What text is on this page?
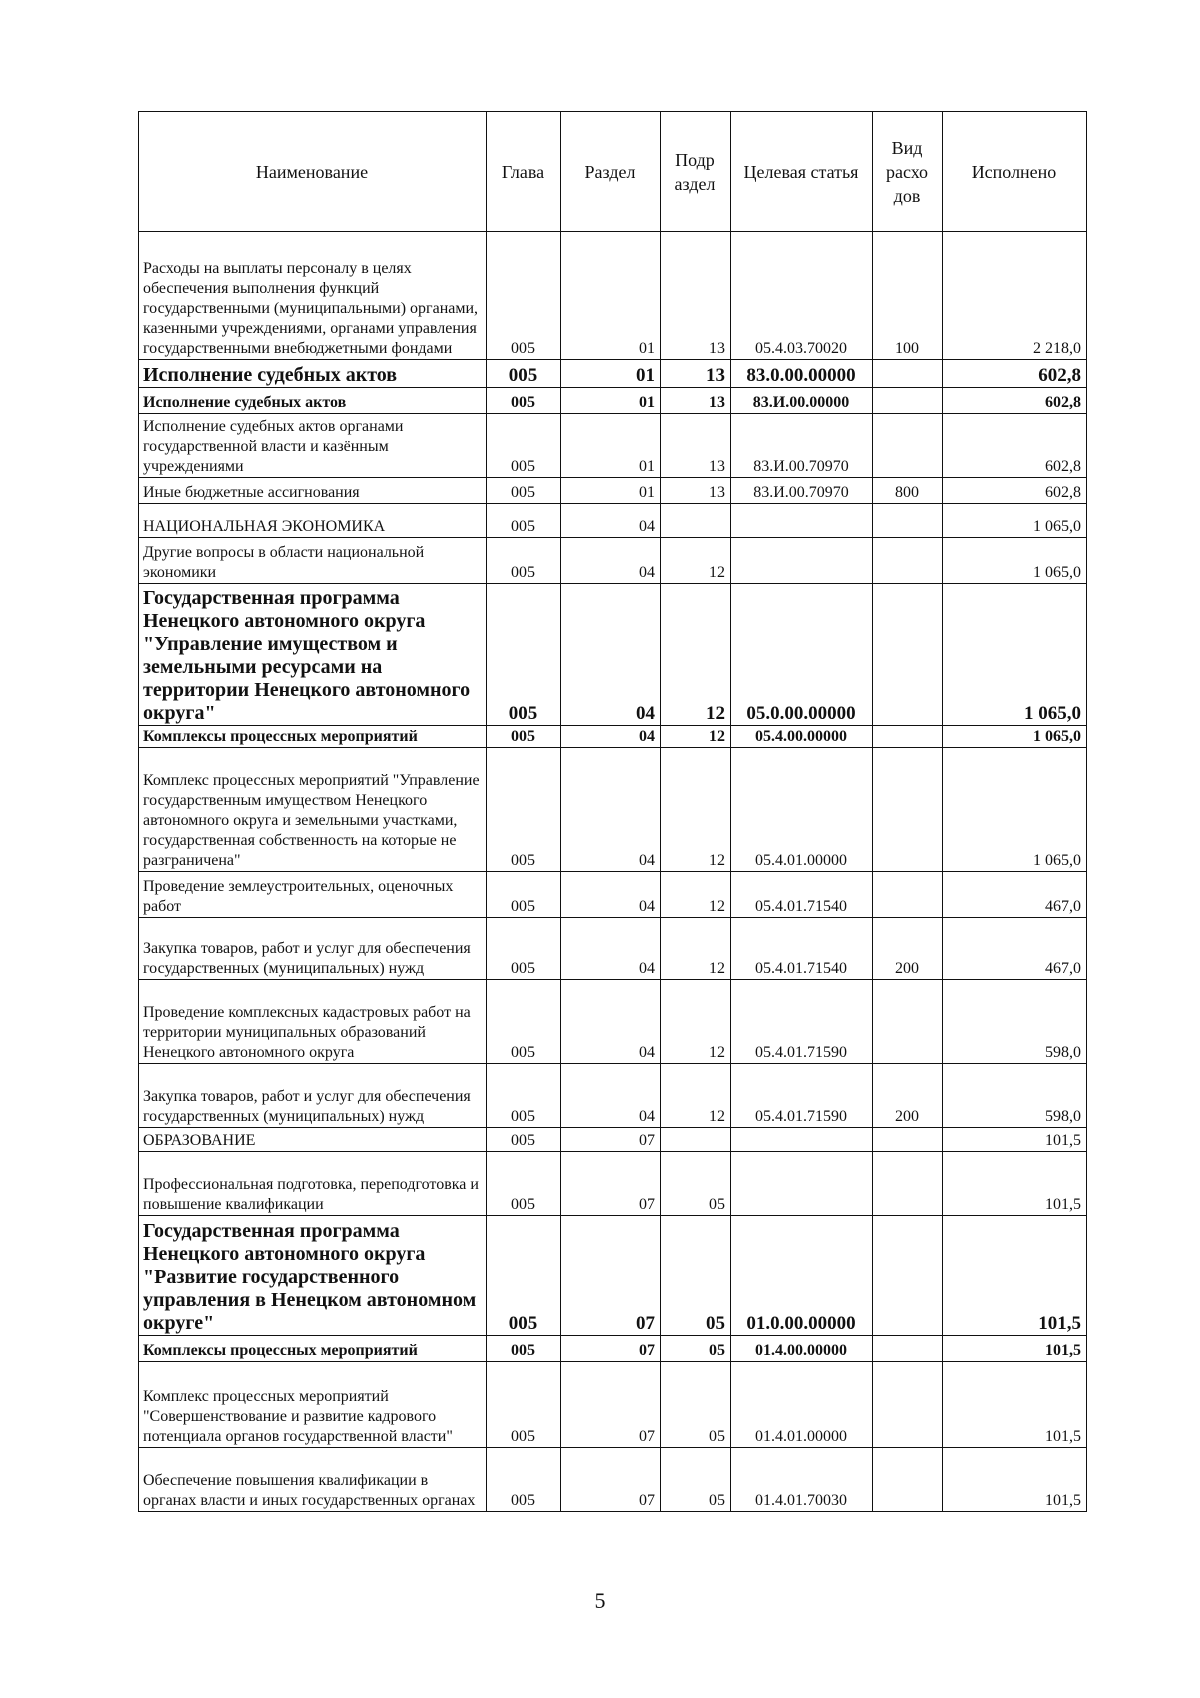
Наименование	Глава	Раздел	Подр аздел	Целевая статья	Вид расхо дов	Исполнено
Расходы на выплаты персоналу в целях обеспечения выполнения функций государственными (муниципальными) органами, казенными учреждениями, органами управления государственными внебюджетными фондами	005	01	13	05.4.03.70020	100	2 218,0
Исполнение судебных актов	005	01	13	83.0.00.00000		602,8
Исполнение судебных актов	005	01	13	83.И.00.00000		602,8
Исполнение судебных актов органами государственной власти и казённым учреждениями	005	01	13	83.И.00.70970		602,8
Иные бюджетные ассигнования	005	01	13	83.И.00.70970	800	602,8
НАЦИОНАЛЬНАЯ ЭКОНОМИКА	005	04				1 065,0
Другие вопросы в области национальной экономики	005	04	12			1 065,0
Государственная программа Ненецкого автономного округа "Управление имуществом и земельными ресурсами на территории Ненецкого автономного округа"	005	04	12	05.0.00.00000		1 065,0
Комплексы процессных мероприятий	005	04	12	05.4.00.00000		1 065,0
Комплекс процессных мероприятий "Управление государственным имуществом Ненецкого автономного округа и земельными участками, государственная собственность на которые не разграничена"	005	04	12	05.4.01.00000		1 065,0
Проведение землеустроительных, оценочных работ	005	04	12	05.4.01.71540		467,0
Закупка товаров, работ и услуг для обеспечения государственных (муниципальных) нужд	005	04	12	05.4.01.71540	200	467,0
Проведение комплексных кадастровых работ на территории муниципальных образований Ненецкого автономного округа	005	04	12	05.4.01.71590		598,0
Закупка товаров, работ и услуг для обеспечения государственных (муниципальных) нужд	005	04	12	05.4.01.71590	200	598,0
ОБРАЗОВАНИЕ	005	07				101,5
Профессиональная подготовка, переподготовка и повышение квалификации	005	07	05			101,5
Государственная программа Ненецкого автономного округа "Развитие государственного управления в Ненецком автономном округе"	005	07	05	01.0.00.00000		101,5
Комплексы процессных мероприятий	005	07	05	01.4.00.00000		101,5
Комплекс процессных мероприятий "Совершенствование и развитие кадрового потенциала органов государственной власти"	005	07	05	01.4.01.00000		101,5
Обеспечение повышения квалификации в органах власти и иных государственных органах	005	07	05	01.4.01.70030		101,5
5
